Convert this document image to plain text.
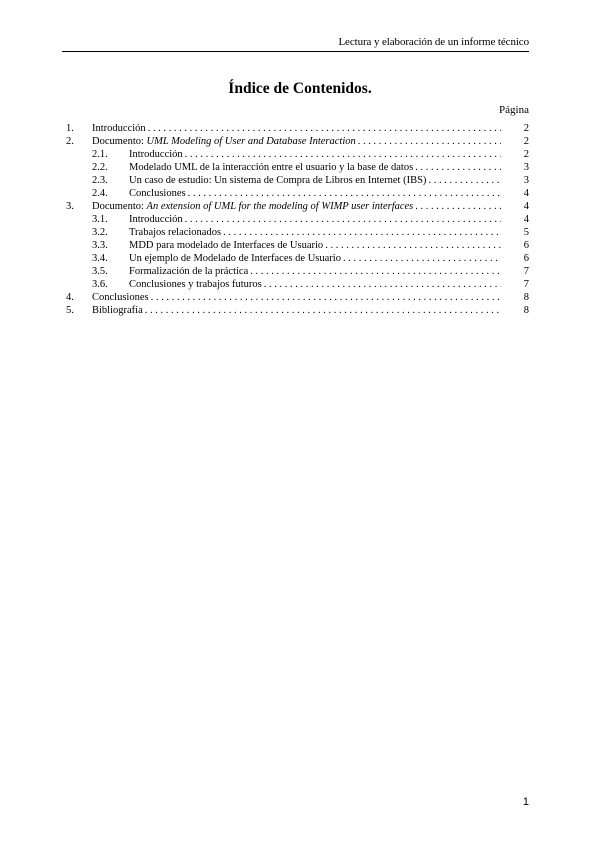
Lectura y elaboración de un informe técnico
Índice de Contenidos.
Página
1. Introducción . . .	2
2. Documento: UML Modeling of User and Database Interaction . . .	2
2.1. Introducción . . .	2
2.2. Modelado UML de la interacción entre el usuario y la base de datos . . .	3
2.3. Un caso de estudio: Un sistema de Compra de Libros en Internet (IBS) . . .	3
2.4. Conclusiones . . .	4
3. Documento: An extension of UML for the modeling of WIMP user interfaces . . .	4
3.1. Introducción . . .	4
3.2. Trabajos relacionados . . .	5
3.3. MDD para modelado de Interfaces de Usuario . . .	6
3.4. Un ejemplo de Modelado de Interfaces de Usuario . . .	6
3.5. Formalización de la práctica . . .	7
3.6. Conclusiones y trabajos futuros . . .	7
4. Conclusiones . . .	8
5. Bibliografía . . .	8
1
